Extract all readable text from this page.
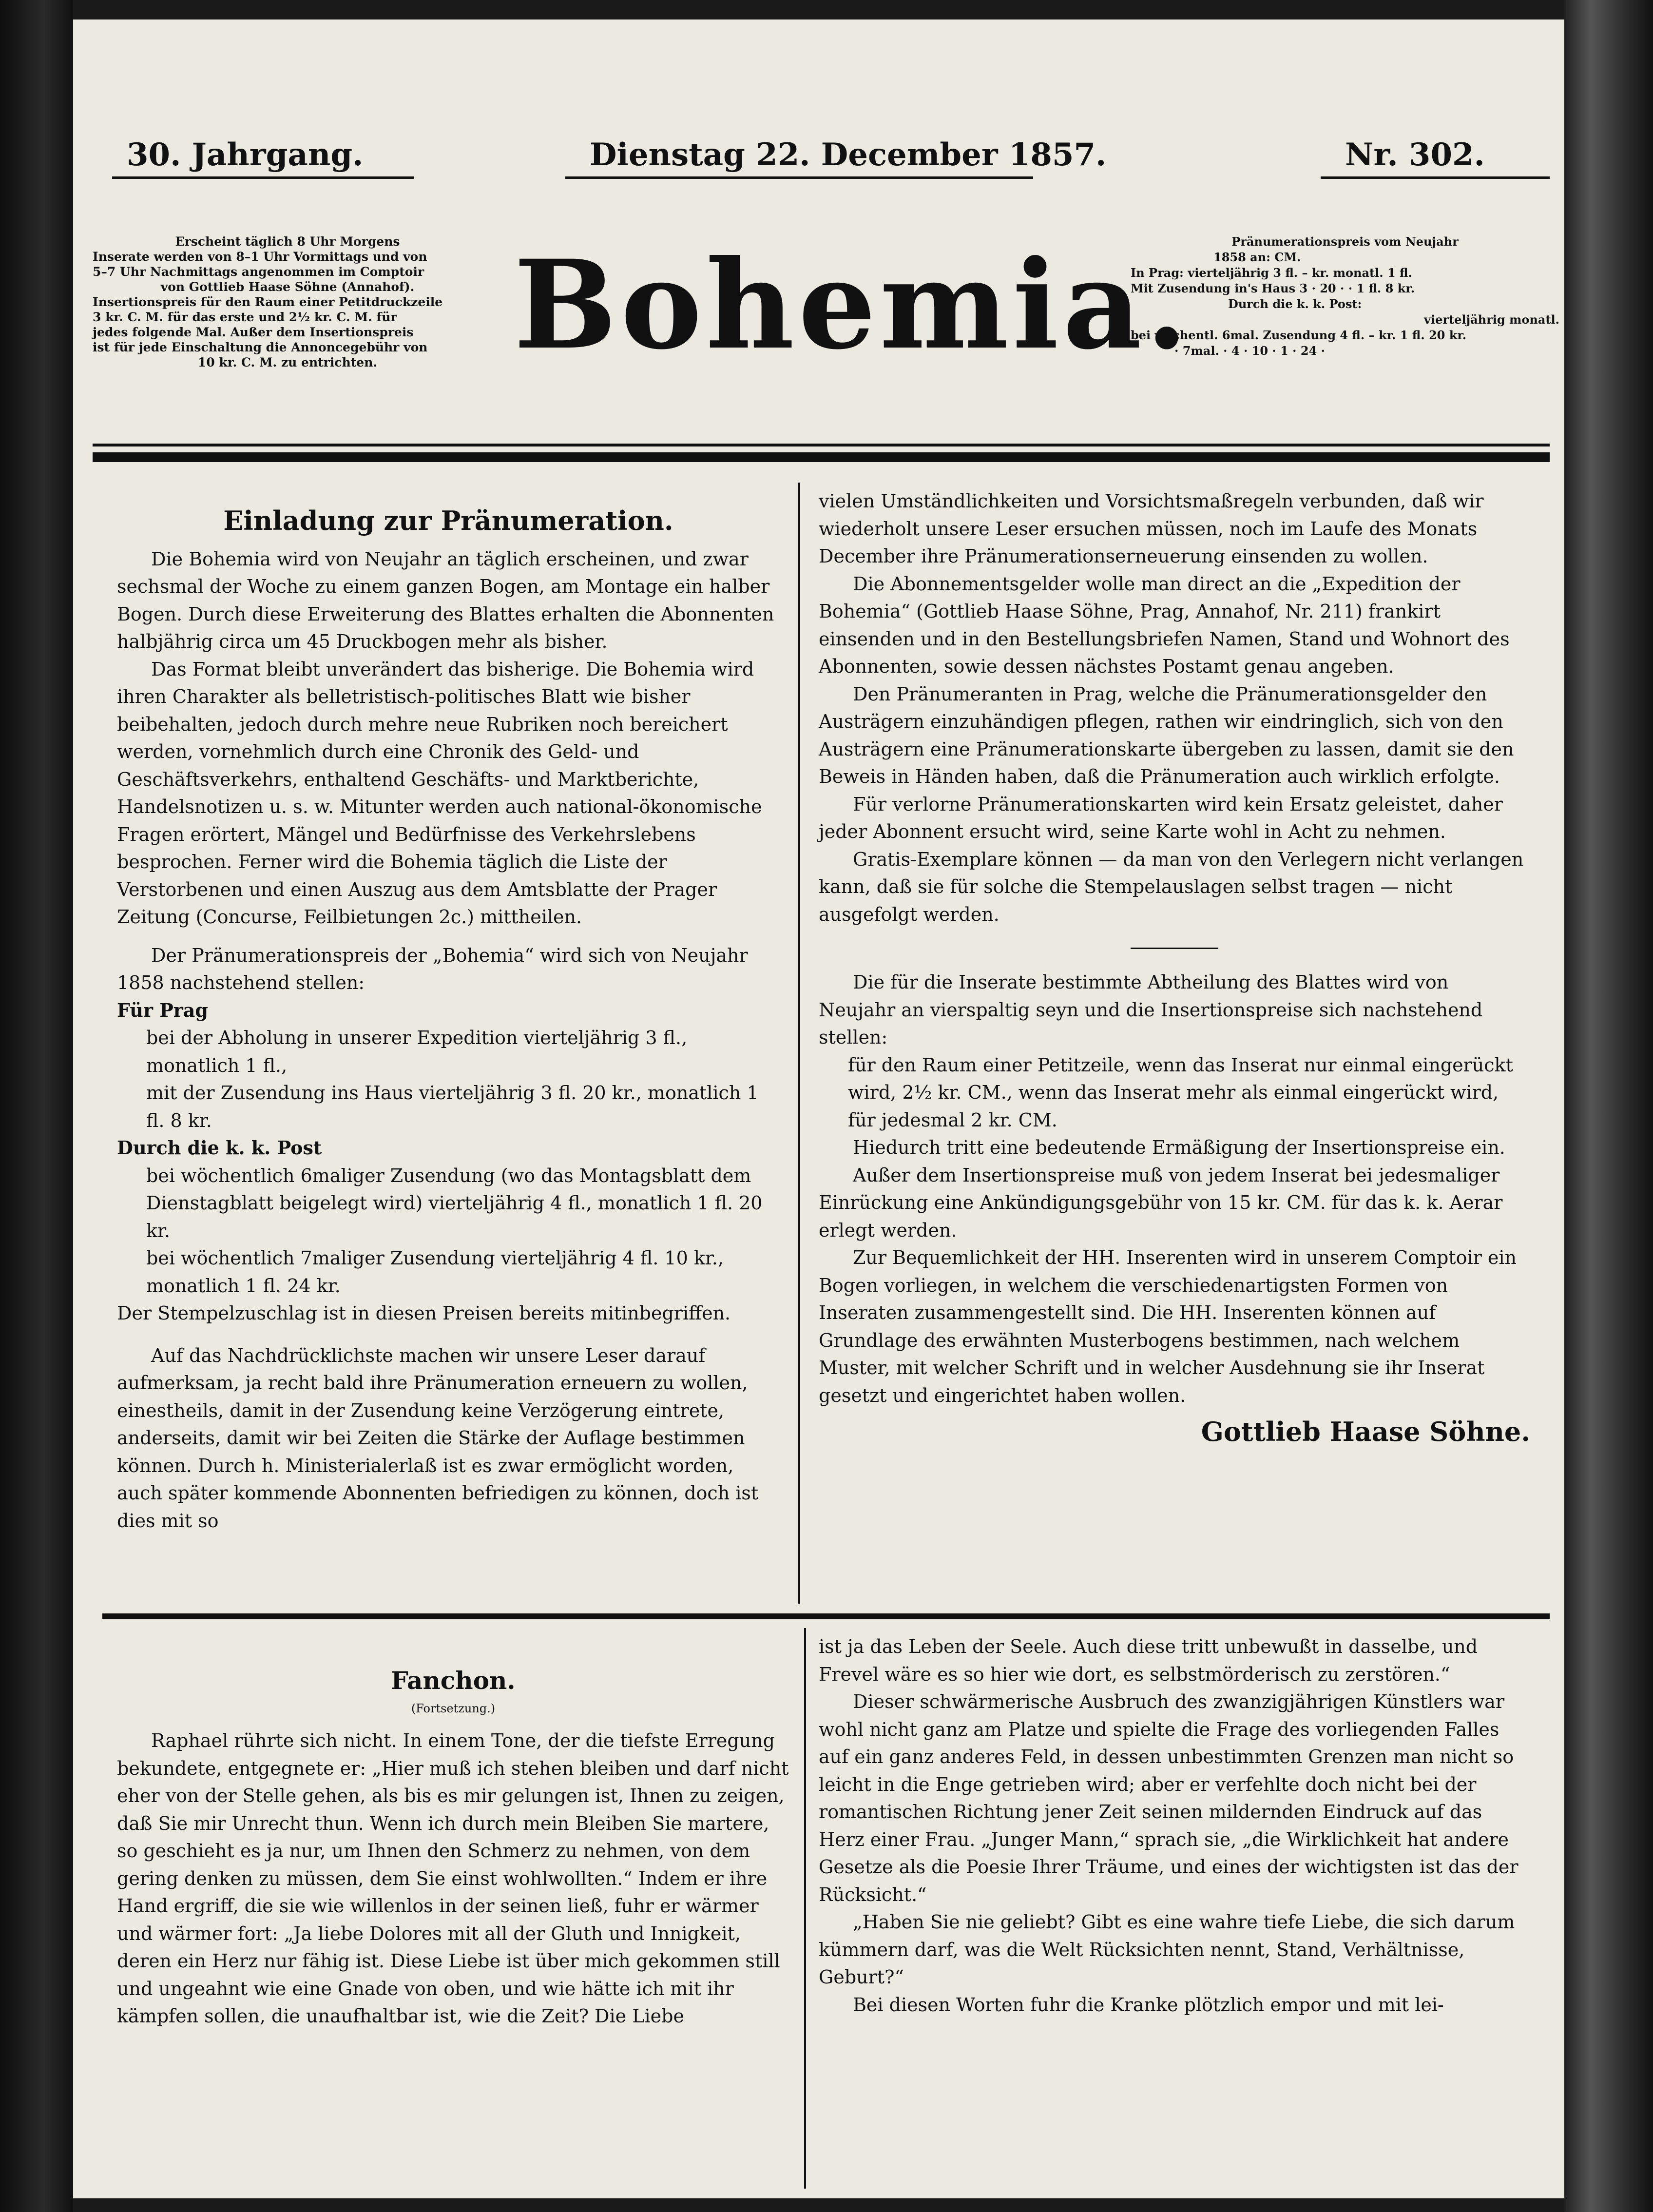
30. Jahrgang.	Dienstag 22. December 1857.	Nr. 302.
Erscheint täglich 8 Uhr Morgens
Inserate werden von 8–1 Uhr Vormittags und von
5–7 Uhr Nachmittags angenommen im Comptoir
von Gottlieb Haase Söhne (Annahof).
Insertionspreis für den Raum einer Petitdruckzeile
3 kr. C. M. für das erste und 2½ kr. C. M. für
jedes folgende Mal. Außer dem Insertionspreis
ist für jede Einschaltung die Annoncegebühr von
10 kr. C. M. zu entrichten.	Bohemia.	Pränumerationspreis vom Neujahr
1858 an: CM.
In Prag: vierteljährig 3 fl. – kr. monatl. 1 fl.
Mit Zusendung in's Haus 3 · 20 · · 1 fl. 8 kr.
Durch die k. k. Post:
vierteljährig monatl.
bei wöchentl. 6mal. Zusendung 4 fl. – kr. 1 fl. 20 kr.
· 7mal. · 4 · 10 · 1 · 24 ·
Einladung zur Pränumeration.

Die Bohemia wird von Neujahr an täglich erscheinen, und zwar sechsmal der Woche zu einem ganzen Bogen, am Montage ein halber Bogen. Durch diese Erweiterung des Blattes erhalten die Abonnenten halbjährig circa um 45 Druckbogen mehr als bisher.

Das Format bleibt unverändert das bisherige. Die Bohemia wird ihren Charakter als belletristisch-politisches Blatt wie bisher beibehalten, jedoch durch mehre neue Rubriken noch bereichert werden, vornehmlich durch eine Chronik des Geld- und Geschäftsverkehrs, enthaltend Geschäfts- und Marktberichte, Handelsnotizen u. s. w. Mitunter werden auch national-ökonomische Fragen erörtert, Mängel und Bedürfnisse des Verkehrslebens besprochen. Ferner wird die Bohemia täglich die Liste der Verstorbenen und einen Auszug aus dem Amtsblatte der Prager Zeitung (Concurse, Feilbietungen 2c.) mittheilen.

Der Pränumerationspreis der „Bohemia“ wird sich von Neujahr 1858 nachstehend stellen:

Für Prag
bei der Abholung in unserer Expedition vierteljährig 3 fl., monatlich 1 fl.,
mit der Zusendung ins Haus vierteljährig 3 fl. 20 kr., monatlich 1 fl. 8 kr.
Durch die k. k. Post
bei wöchentlich 6maliger Zusendung (wo das Montagsblatt dem Dienstagblatt beigelegt wird) vierteljährig 4 fl., monatlich 1 fl. 20 kr.
bei wöchentlich 7maliger Zusendung vierteljährig 4 fl. 10 kr., monatlich 1 fl. 24 kr.
Der Stempelzuschlag ist in diesen Preisen bereits mitinbegriffen.

Auf das Nachdrücklichste machen wir unsere Leser darauf aufmerksam, ja recht bald ihre Pränumeration erneuern zu wollen, einestheils, damit in der Zusendung keine Verzögerung eintrete, anderseits, damit wir bei Zeiten die Stärke der Auflage bestimmen können. Durch h. Ministerialerlaß ist es zwar ermöglicht worden, auch später kommende Abonnenten befriedigen zu können, doch ist dies mit so

vielen Umständlichkeiten und Vorsichtsmaßregeln verbunden, daß wir wiederholt unsere Leser ersuchen müssen, noch im Laufe des Monats December ihre Pränumerationserneuerung einsenden zu wollen.

Die Abonnementsgelder wolle man direct an die „Expedition der Bohemia“ (Gottlieb Haase Söhne, Prag, Annahof, Nr. 211) frankirt einsenden und in den Bestellungsbriefen Namen, Stand und Wohnort des Abonnenten, sowie dessen nächstes Postamt genau angeben.

Den Pränumeranten in Prag, welche die Pränumerationsgelder den Austrägern einzuhändigen pflegen, rathen wir eindringlich, sich von den Austrägern eine Pränumerationskarte übergeben zu lassen, damit sie den Beweis in Händen haben, daß die Pränumeration auch wirklich erfolgte.

Für verlorne Pränumerationskarten wird kein Ersatz geleistet, daher jeder Abonnent ersucht wird, seine Karte wohl in Acht zu nehmen.

Gratis-Exemplare können — da man von den Verlegern nicht verlangen kann, daß sie für solche die Stempelauslagen selbst tragen — nicht ausgefolgt werden.

Die für die Inserate bestimmte Abtheilung des Blattes wird von Neujahr an vierspaltig seyn und die Insertionspreise sich nachstehend stellen:

für den Raum einer Petitzeile, wenn das Inserat nur einmal eingerückt wird, 2½ kr. CM., wenn das Inserat mehr als einmal eingerückt wird, für jedesmal 2 kr. CM.

Hiedurch tritt eine bedeutende Ermäßigung der Insertionspreise ein.

Außer dem Insertionspreise muß von jedem Inserat bei jedesmaliger Einrückung eine Ankündigungsgebühr von 15 kr. CM. für das k. k. Aerar erlegt werden.

Zur Bequemlichkeit der HH. Inserenten wird in unserem Comptoir ein Bogen vorliegen, in welchem die verschiedenartigsten Formen von Inseraten zusammengestellt sind. Die HH. Inserenten können auf Grundlage des erwähnten Musterbogens bestimmen, nach welchem Muster, mit welcher Schrift und in welcher Ausdehnung sie ihr Inserat gesetzt und eingerichtet haben wollen.

Gottlieb Haase Söhne.
Fanchon.
(Fortsetzung.)

Raphael rührte sich nicht. In einem Tone, der die tiefste Erregung bekundete, entgegnete er: „Hier muß ich stehen bleiben und darf nicht eher von der Stelle gehen, als bis es mir gelungen ist, Ihnen zu zeigen, daß Sie mir Unrecht thun. Wenn ich durch mein Bleiben Sie martere, so geschieht es ja nur, um Ihnen den Schmerz zu nehmen, von dem gering denken zu müssen, dem Sie einst wohlwollten.“ Indem er ihre Hand ergriff, die sie wie willenlos in der seinen ließ, fuhr er wärmer und wärmer fort: „Ja liebe Dolores mit all der Gluth und Innigkeit, deren ein Herz nur fähig ist. Diese Liebe ist über mich gekommen still und ungeahnt wie eine Gnade von oben, und wie hätte ich mit ihr kämpfen sollen, die unaufhaltbar ist, wie die Zeit? Die Liebe

ist ja das Leben der Seele. Auch diese tritt unbewußt in dasselbe, und Frevel wäre es so hier wie dort, es selbstmörderisch zu zerstören.“

Dieser schwärmerische Ausbruch des zwanzigjährigen Künstlers war wohl nicht ganz am Platze und spielte die Frage des vorliegenden Falles auf ein ganz anderes Feld, in dessen unbestimmten Grenzen man nicht so leicht in die Enge getrieben wird; aber er verfehlte doch nicht bei der romantischen Richtung jener Zeit seinen mildernden Eindruck auf das Herz einer Frau. „Junger Mann,“ sprach sie, „die Wirklichkeit hat andere Gesetze als die Poesie Ihrer Träume, und eines der wichtigsten ist das der Rücksicht.“

„Haben Sie nie geliebt? Gibt es eine wahre tiefe Liebe, die sich darum kümmern darf, was die Welt Rücksichten nennt, Stand, Verhältnisse, Geburt?“

Bei diesen Worten fuhr die Kranke plötzlich empor und mit lei-
